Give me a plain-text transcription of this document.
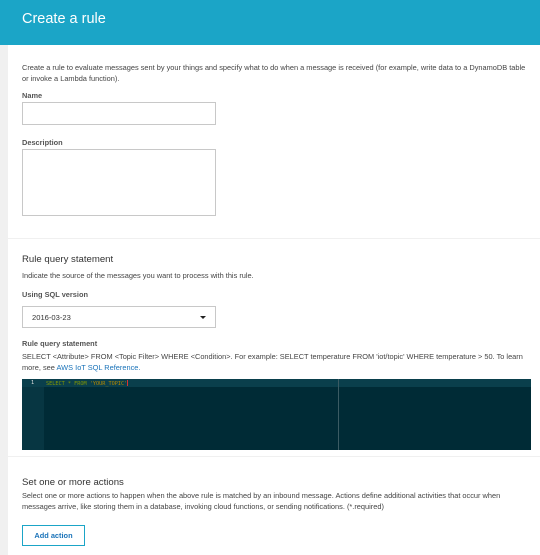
Create a rule
Create a rule to evaluate messages sent by your things and specify what to do when a message is received (for example, write data to a DynamoDB table or invoke a Lambda function).
Name
Description
Rule query statement
Indicate the source of the messages you want to process with this rule.
Using SQL version
2016-03-23
Rule query statement
SELECT <Attribute> FROM <Topic Filter> WHERE <Condition>. For example: SELECT temperature FROM 'iot/topic' WHERE temperature > 50. To learn more, see AWS IoT SQL Reference.
1 SELECT * FROM 'YOUR_TOPIC'
Set one or more actions
Select one or more actions to happen when the above rule is matched by an inbound message. Actions define additional activities that occur when messages arrive, like storing them in a database, invoking cloud functions, or sending notifications. (*.required)
Add action
